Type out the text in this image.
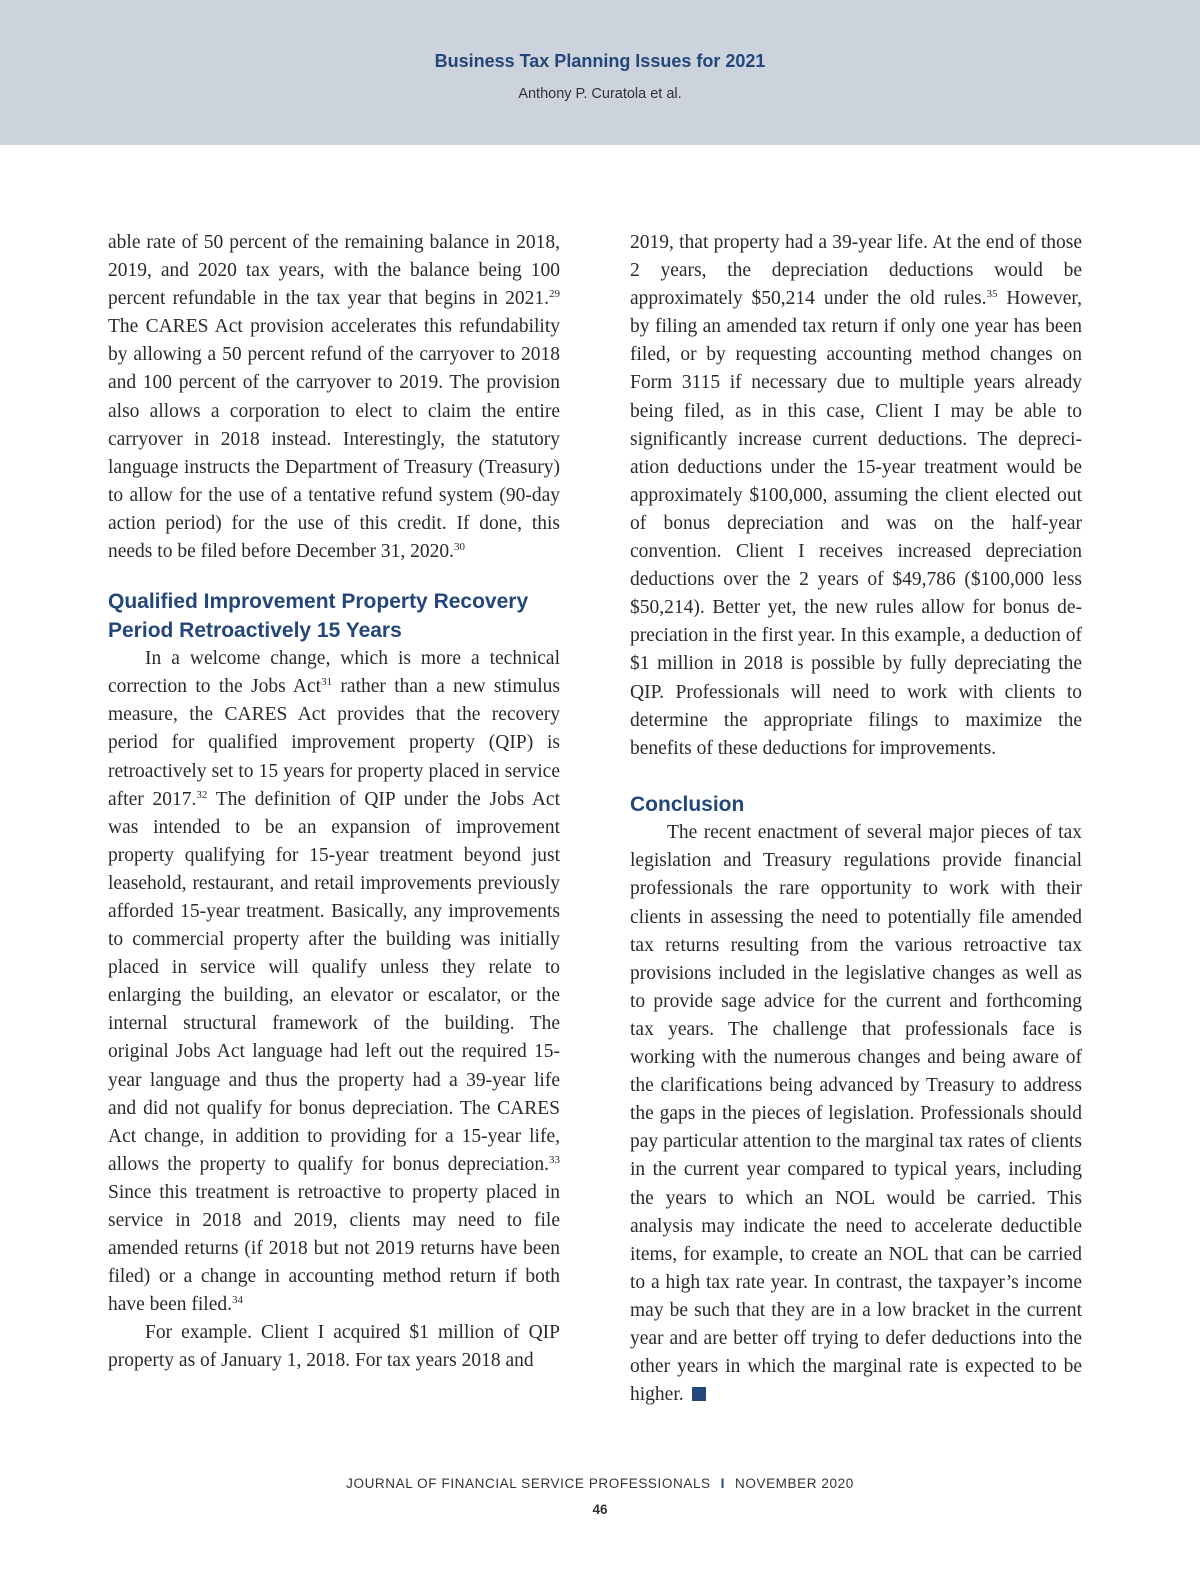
Business Tax Planning Issues for 2021
Anthony P. Curatola et al.

able rate of 50 percent of the remaining balance in 2018, 2019, and 2020 tax years, with the balance being 100 percent refundable in the tax year that begins in 2021.29 The CARES Act provision accelerates this refundability by allowing a 50 percent refund of the carryover to 2018 and 100 percent of the carryover to 2019. The provision also allows a corporation to elect to claim the entire carryover in 2018 instead. Interestingly, the statutory language instructs the Department of Treasury (Treasury) to allow for the use of a tentative refund system (90-day action period) for the use of this credit. If done, this needs to be filed before December 31, 2020.30

Qualified Improvement Property Recovery Period Retroactively 15 Years

In a welcome change, which is more a technical correction to the Jobs Act$^{31}$ rather than a new stimulus measure, the CARES Act provides that the recovery period for qualified improvement property (QIP) is retroactively set to 15 years for property placed in service after 2017.32 The definition of QIP under the Jobs Act was intended to be an expansion of improvement property qualifying for 15-year treatment beyond just leasehold, restaurant, and retail improvements previously afforded 15-year treatment. Basically, any improvements to commercial property after the building was initially placed in service will qualify unless they relate to enlarging the building, an elevator or escalator, or the internal structural framework of the building. The original Jobs Act language had left out the required 15-year language and thus the property had a 39-year life and did not qualify for bonus depreciation. The CARES Act change, in addition to providing for a 15-year life, allows the property to qualify for bonus depreciation.$^{33}$ Since this treatment is retroactive to property placed in service in 2018 and 2019, clients may need to file amended returns (if 2018 but not 2019 returns have been filed) or a change in accounting method return if both have been filed.$^{34}$

For example. Client I acquired $1 million of QIP property as of January 1, 2018. For tax years 2018 and

2019, that property had a 39-year life. At the end of those 2 years, the depreciation deductions would be approximately $50,214 under the old rules.$^{35}$ However, by filing an amended tax return if only one year has been filed, or by requesting accounting method changes on Form 3115 if necessary due to multiple years already being filed, as in this case, Client I may be able to significantly increase current deductions. The depreciation deductions under the 15-year treatment would be approximately $100,000, assuming the client elected out of bonus depreciation and was on the half-year convention. Client I receives increased depreciation deductions over the 2 years of $49,786 ($100,000 less $50,214). Better yet, the new rules allow for bonus depreciation in the first year. In this example, a deduction of $1 million in 2018 is possible by fully depreciating the QIP. Professionals will need to work with clients to determine the appropriate filings to maximize the benefits of these deductions for improvements.

Conclusion

The recent enactment of several major pieces of tax legislation and Treasury regulations provide financial professionals the rare opportunity to work with their clients in assessing the need to potentially file amended tax returns resulting from the various retroactive tax provisions included in the legislative changes as well as to provide sage advice for the current and forthcoming tax years. The challenge that professionals face is working with the numerous changes and being aware of the clarifications being advanced by Treasury to address the gaps in the pieces of legislation. Professionals should pay particular attention to the marginal tax rates of clients in the current year compared to typical years, including the years to which an NOL would be carried. This analysis may indicate the need to accelerate deductible items, for example, to create an NOL that can be carried to a high tax rate year. In contrast, the taxpayer’s income may be such that they are in a low bracket in the current year and are better off trying to defer deductions into the other years in which the marginal rate is expected to be higher.

JOURNAL OF FINANCIAL SERVICE PROFESSIONALS I NOVEMBER 2020
46
